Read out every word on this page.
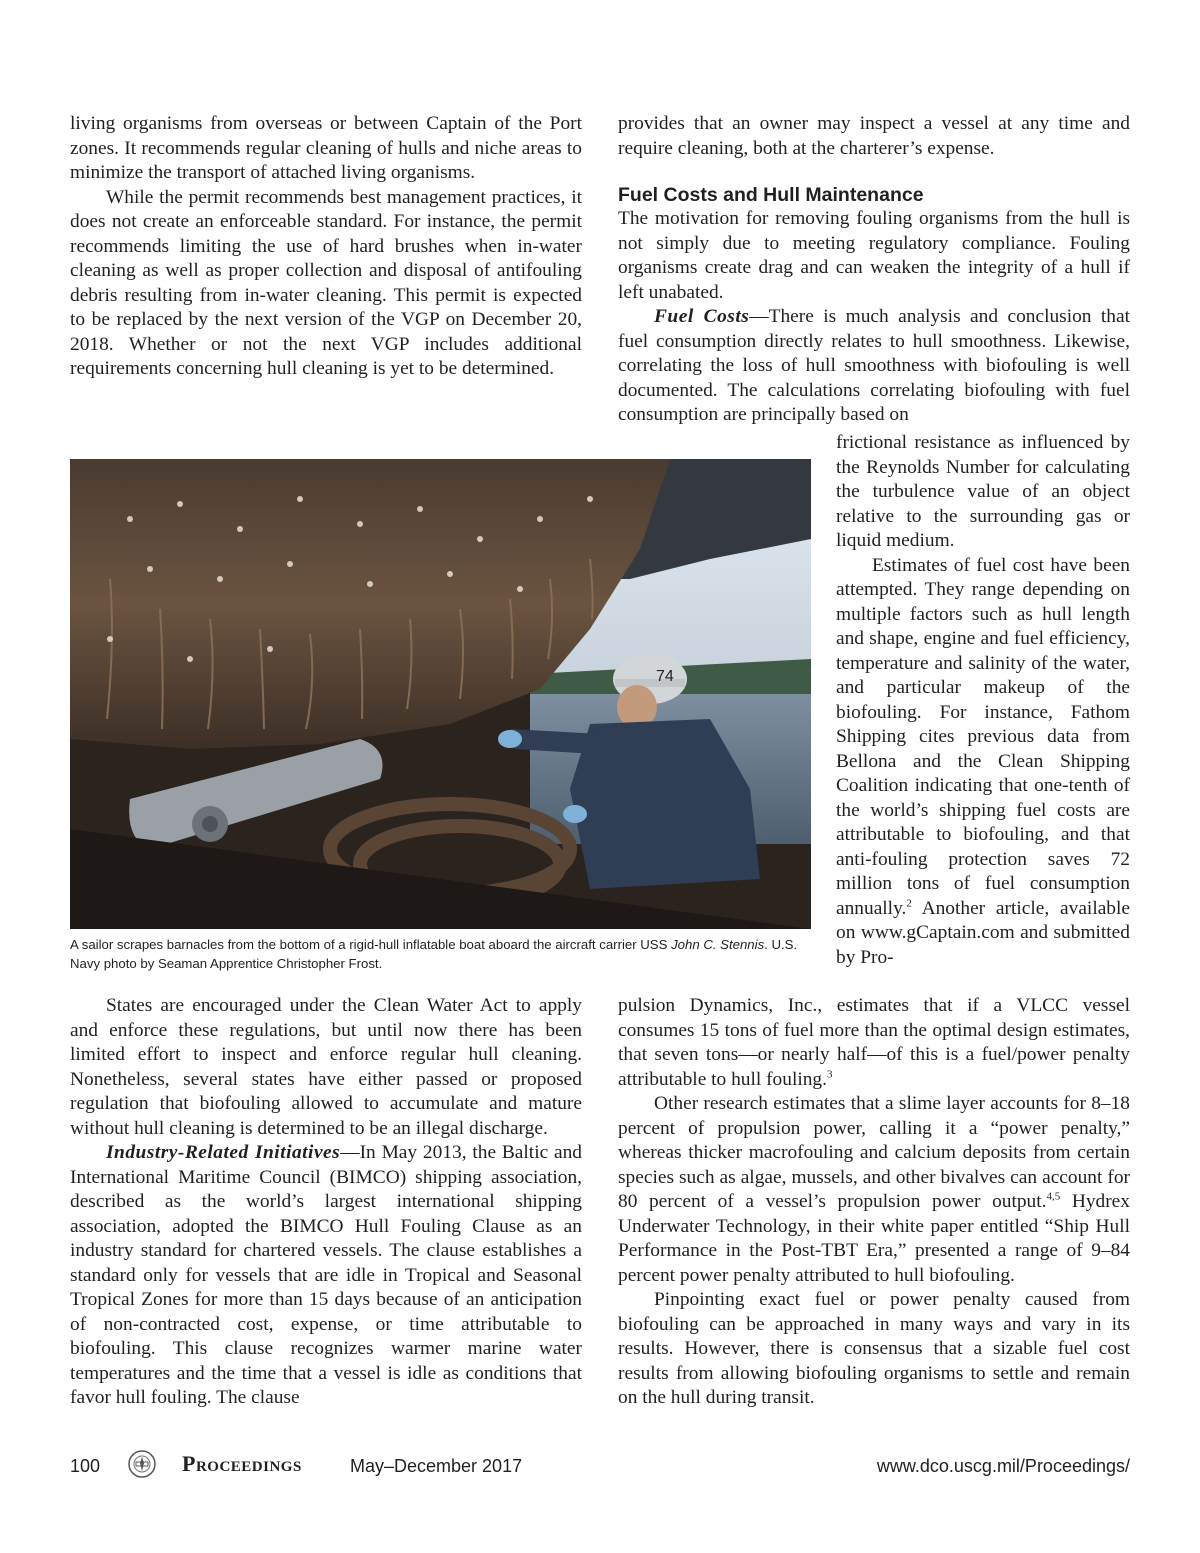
living organisms from overseas or between Captain of the Port zones. It recommends regular cleaning of hulls and niche areas to minimize the transport of attached living organisms.

While the permit recommends best management practices, it does not create an enforceable standard. For instance, the permit recommends limiting the use of hard brushes when in-water cleaning as well as proper collection and disposal of antifouling debris resulting from in-water cleaning. This permit is expected to be replaced by the next version of the VGP on December 20, 2018. Whether or not the next VGP includes additional requirements concerning hull cleaning is yet to be determined.

provides that an owner may inspect a vessel at any time and require cleaning, both at the charterer’s expense.

Fuel Costs and Hull Maintenance

The motivation for removing fouling organisms from the hull is not simply due to meeting regulatory compliance. Fouling organisms create drag and can weaken the integrity of a hull if left unabated.

Fuel Costs—There is much analysis and conclusion that fuel consumption directly relates to hull smoothness. Likewise, correlating the loss of hull smoothness with biofouling is well documented. The calculations correlating biofouling with fuel consumption are principally based on

frictional resistance as influenced by the Reynolds Number for calculating the turbulence value of an object relative to the surrounding gas or liquid medium.

Estimates of fuel cost have been attempted. They range depending on multiple factors such as hull length and shape, engine and fuel efficiency, temperature and salinity of the water, and particular makeup of the biofouling. For instance, Fathom Shipping cites previous data from Bellona and the Clean Shipping Coalition indicating that one-tenth of the world’s shipping fuel costs are attributable to biofouling, and that anti-fouling protection saves 72 million tons of fuel consumption annually.$^2$ Another article, available on www.gCaptain.com and submitted by Pro-

74
A sailor scrapes barnacles from the bottom of a rigid-hull inflatable boat aboard the aircraft carrier USS John C. Stennis. U.S. Navy photo by Seaman Apprentice Christopher Frost.

States are encouraged under the Clean Water Act to apply and enforce these regulations, but until now there has been limited effort to inspect and enforce regular hull cleaning. Nonetheless, several states have either passed or proposed regulation that biofouling allowed to accumulate and mature without hull cleaning is determined to be an illegal discharge.

Industry-Related Initiatives—In May 2013, the Baltic and International Maritime Council (BIMCO) shipping association, described as the world’s largest international shipping association, adopted the BIMCO Hull Fouling Clause as an industry standard for chartered vessels. The clause establishes a standard only for vessels that are idle in Tropical and Seasonal Tropical Zones for more than 15 days because of an anticipation of non-contracted cost, expense, or time attributable to biofouling. This clause recognizes warmer marine water temperatures and the time that a vessel is idle as conditions that favor hull fouling. The clause

pulsion Dynamics, Inc., estimates that if a VLCC vessel consumes 15 tons of fuel more than the optimal design estimates, that seven tons—or nearly half—of this is a fuel/power penalty attributable to hull fouling.$^3$

Other research estimates that a slime layer accounts for 8–18 percent of propulsion power, calling it a “power penalty,” whereas thicker macrofouling and calcium deposits from certain species such as algae, mussels, and other bivalves can account for 80 percent of a vessel’s propulsion power output.$^{4,5}$ Hydrex Underwater Technology, in their white paper entitled “Ship Hull Performance in the Post-TBT Era,” presented a range of 9–84 percent power penalty attributed to hull biofouling.

Pinpointing exact fuel or power penalty caused from biofouling can be approached in many ways and vary in its results. However, there is consensus that a sizable fuel cost results from allowing biofouling organisms to settle and remain on the hull during transit.

100	Proceedings	May–December 2017	www.dco.uscg.mil/Proceedings/
